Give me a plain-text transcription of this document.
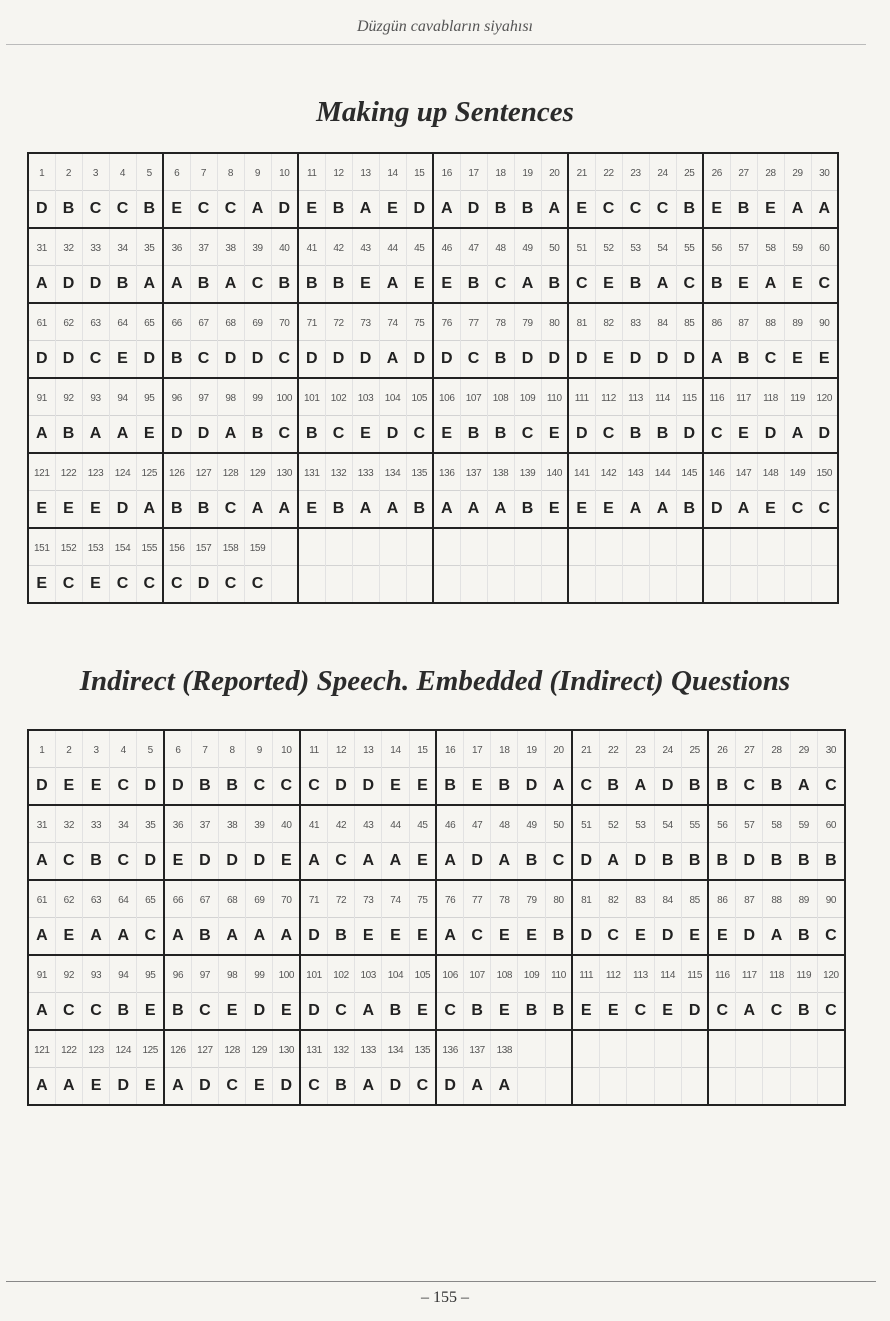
Düzgün cavabların siyahısı
Making up Sentences
1	2	3	4	5	6	7	8	9	10	11	12	13	14	15	16	17	18	19	20	21	22	23	24	25	26	27	28	29	30
D	B	C	C	B	E	C	C	A	D	E	B	A	E	D	A	D	B	B	A	E	C	C	C	B	E	B	E	A	A
31	32	33	34	35	36	37	38	39	40	41	42	43	44	45	46	47	48	49	50	51	52	53	54	55	56	57	58	59	60
A	D	D	B	A	A	B	A	C	B	B	B	E	A	E	E	B	C	A	B	C	E	B	A	C	B	E	A	E	C
61	62	63	64	65	66	67	68	69	70	71	72	73	74	75	76	77	78	79	80	81	82	83	84	85	86	87	88	89	90
D	D	C	E	D	B	C	D	D	C	D	D	D	A	D	D	C	B	D	D	D	E	D	D	D	A	B	C	E	E
91	92	93	94	95	96	97	98	99	100	101	102	103	104	105	106	107	108	109	110	111	112	113	114	115	116	117	118	119	120
A	B	A	A	E	D	D	A	B	C	B	C	E	D	C	E	B	B	C	E	D	C	B	B	D	C	E	D	A	D
121	122	123	124	125	126	127	128	129	130	131	132	133	134	135	136	137	138	139	140	141	142	143	144	145	146	147	148	149	150
E	E	E	D	A	B	B	C	A	A	E	B	A	A	B	A	A	A	B	E	E	E	A	A	B	D	A	E	C	C
151	152	153	154	155	156	157	158	159																					
E	C	E	C	C	C	D	C	C																					
Indirect (Reported) Speech. Embedded (Indirect) Questions
1	2	3	4	5	6	7	8	9	10	11	12	13	14	15	16	17	18	19	20	21	22	23	24	25	26	27	28	29	30
D	E	E	C	D	D	B	B	C	C	C	D	D	E	E	B	E	B	D	A	C	B	A	D	B	B	C	B	A	C
31	32	33	34	35	36	37	38	39	40	41	42	43	44	45	46	47	48	49	50	51	52	53	54	55	56	57	58	59	60
A	C	B	C	D	E	D	D	D	E	A	C	A	A	E	A	D	A	B	C	D	A	D	B	B	B	D	B	B	B
61	62	63	64	65	66	67	68	69	70	71	72	73	74	75	76	77	78	79	80	81	82	83	84	85	86	87	88	89	90
A	E	A	A	C	A	B	A	A	A	D	B	E	E	E	A	C	E	E	B	D	C	E	D	E	E	D	A	B	C
91	92	93	94	95	96	97	98	99	100	101	102	103	104	105	106	107	108	109	110	111	112	113	114	115	116	117	118	119	120
A	C	C	B	E	B	C	E	D	E	D	C	A	B	E	C	B	E	B	B	E	E	C	E	D	C	A	C	B	C
121	122	123	124	125	126	127	128	129	130	131	132	133	134	135	136	137	138												
A	A	E	D	E	A	D	C	E	D	C	B	A	D	C	D	A	A												
– 155 –
